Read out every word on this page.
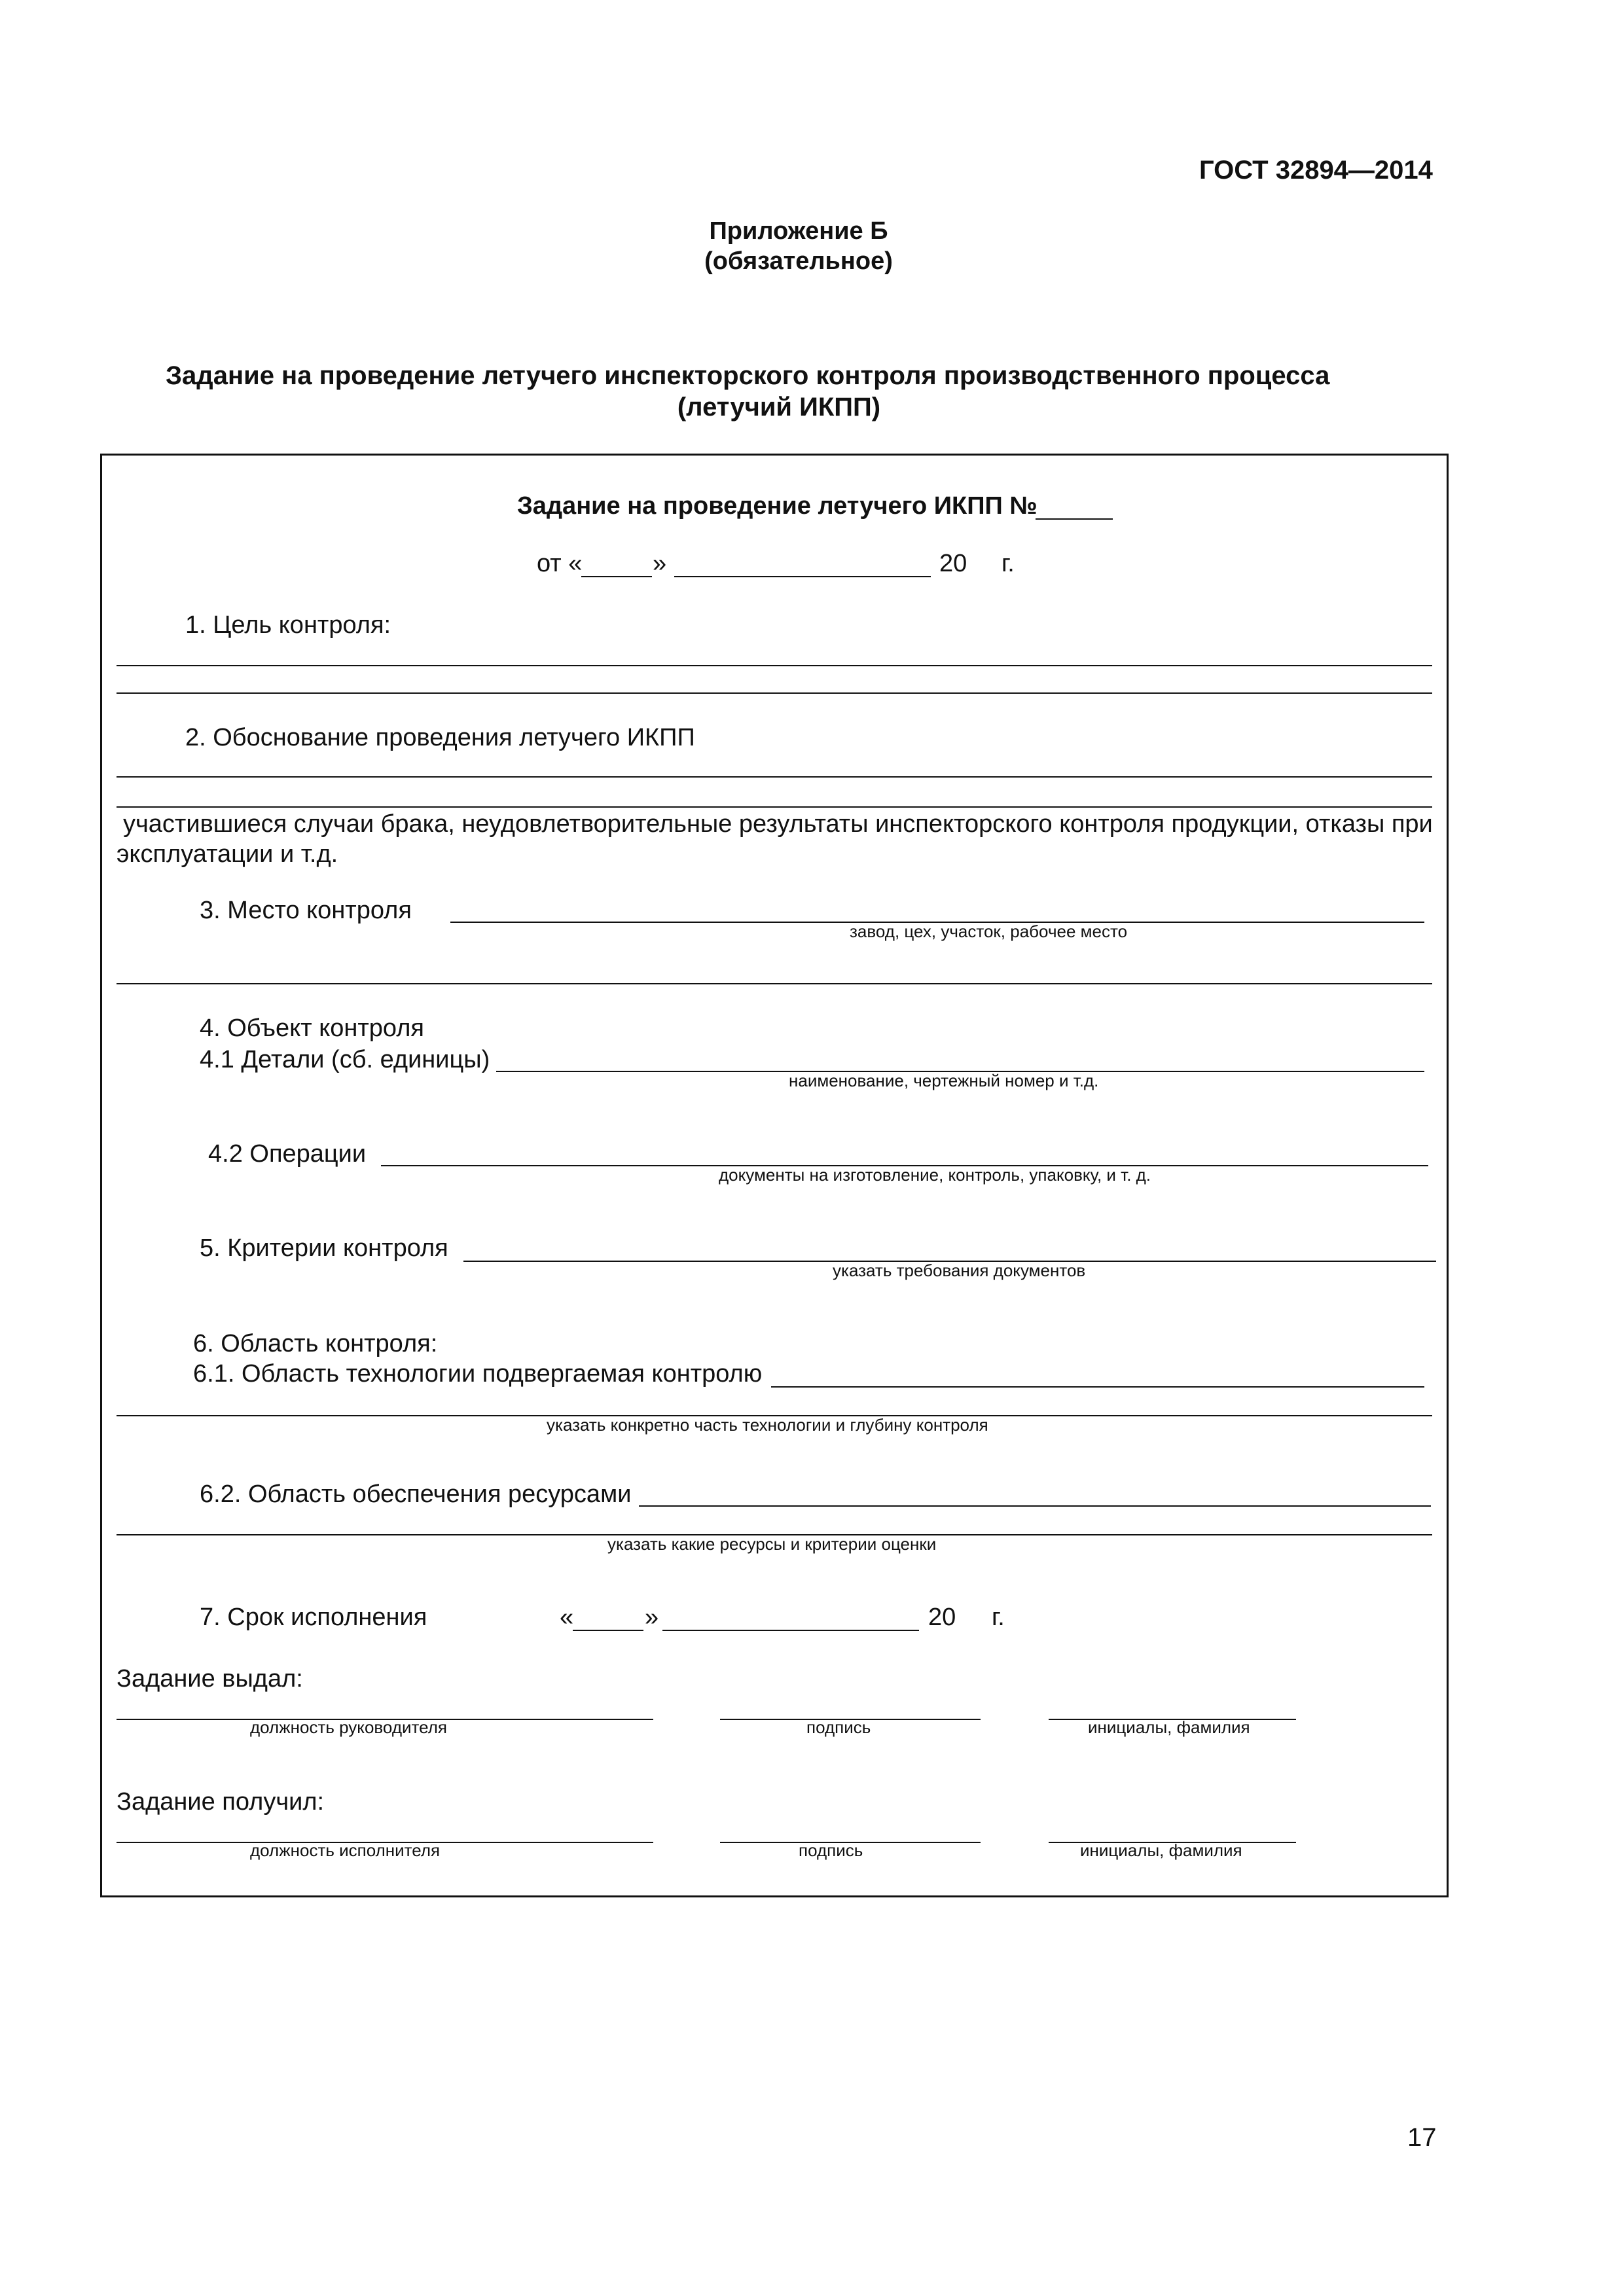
ГОСТ 32894—2014
Приложение Б
(обязательное)
Задание на проведение летучего инспекторского контроля производственного процесса
(летучий ИКПП)
Задание на проведение летучего ИКПП №
от «	»	20 г.
1. Цель контроля:
2. Обоснование проведения летучего ИКПП
участившиеся случаи брака, неудовлетворительные результаты инспекторского контроля продукции, отказы при
эксплуатации и т.д.
3. Место контроля
завод, цех, участок, рабочее место
4. Объект контроля
4.1 Детали (сб. единицы)
наименование, чертежный номер и т.д.
4.2 Операции
документы на изготовление, контроль, упаковку, и т. д.
5. Критерии контроля
указать требования документов
6. Область контроля:
6.1. Область технологии подвергаемая контролю
указать конкретно часть технологии и глубину контроля
6.2. Область обеспечения ресурсами
указать какие ресурсы и критерии оценки
7. Срок исполнения	«	»	20 г.
Задание выдал:
должность руководителя	подпись	инициалы, фамилия
Задание получил:
должность исполнителя	подпись	инициалы, фамилия
17
